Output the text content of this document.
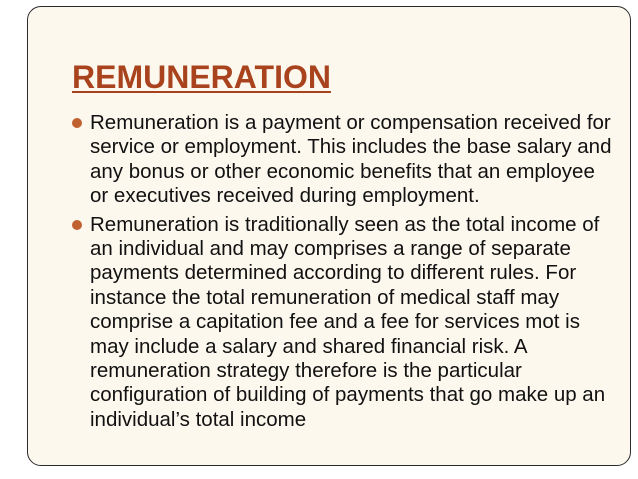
REMUNERATION
Remuneration is a payment or compensation received for service or employment. This includes the base salary and any bonus or other economic benefits that an employee or executives received during employment.
Remuneration is traditionally seen as the total income of an individual and may comprises a range of separate payments determined according to different rules. For instance the total remuneration of medical staff may comprise a capitation fee and a fee for services mot is may include a salary and shared financial risk. A remuneration strategy therefore is the particular configuration of building of payments that go make up an individual’s total income
